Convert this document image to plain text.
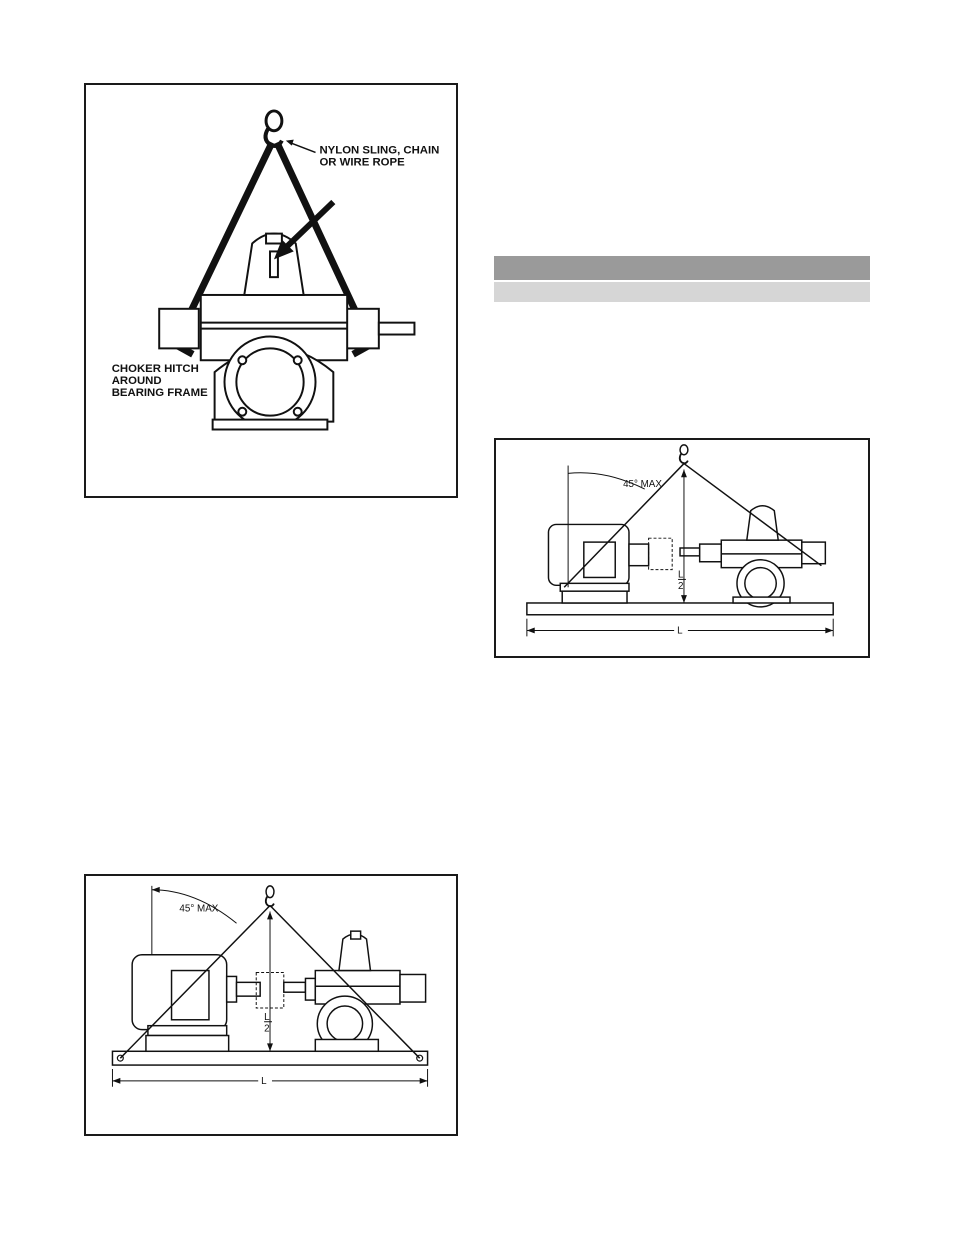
NYLON SLING, CHAIN
OR WIRE ROPE
CHOKER HITCH
AROUND
BEARING FRAME
45° MAX
L
2
L
45° MAX
L
2
L
